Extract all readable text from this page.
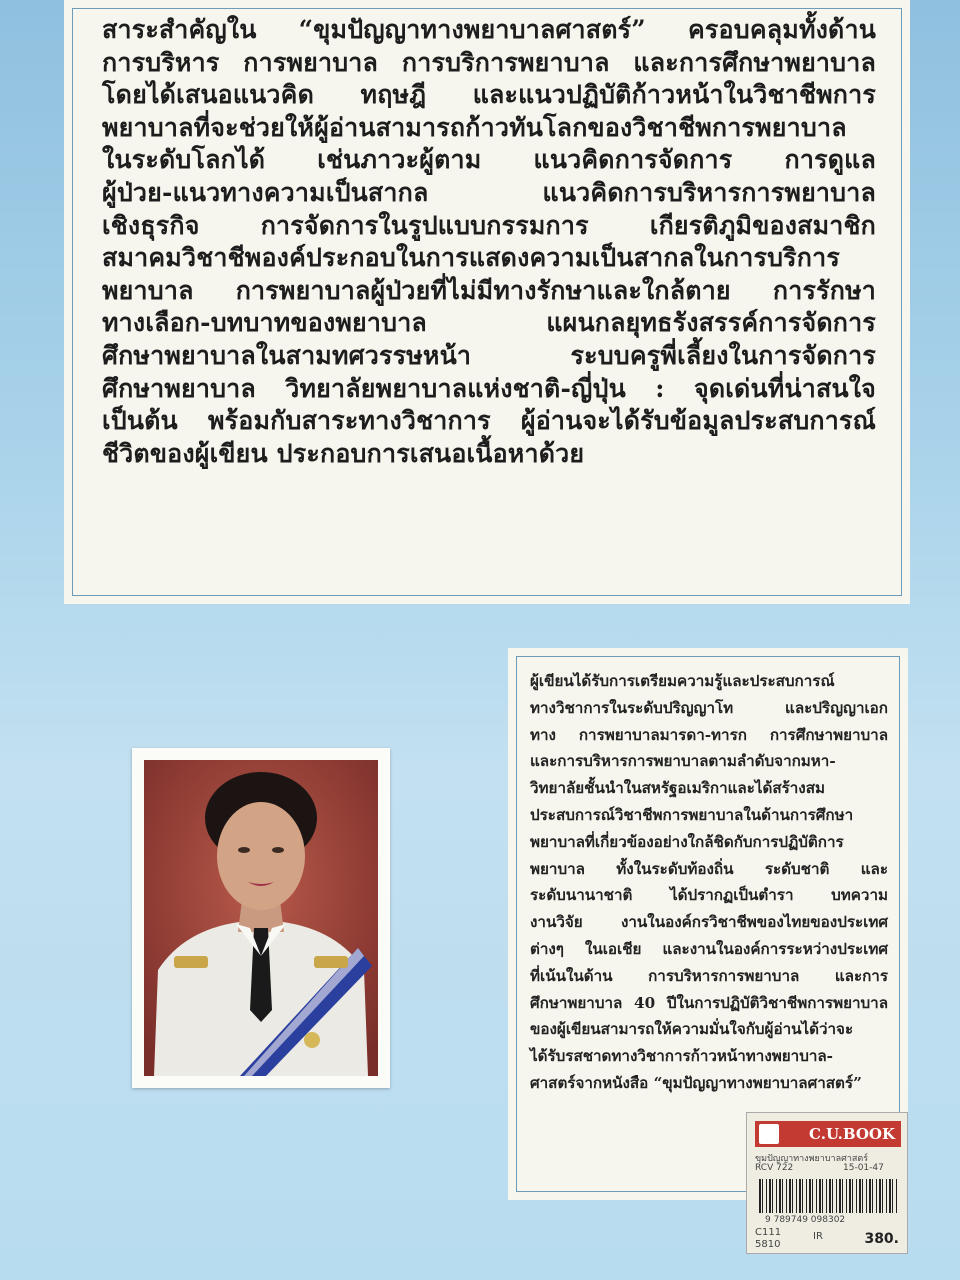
สาระสำคัญใน “ขุมปัญญาทางพยาบาลศาสตร์” ครอบคลุมทั้งด้าน

การบริหาร การพยาบาล การบริการพยาบาล และการศึกษาพยาบาล

โดยได้เสนอแนวคิด ทฤษฎี และแนวปฏิบัติก้าวหน้าในวิชาชีพการ

พยาบาลที่จะช่วยให้ผู้อ่านสามารถก้าวทันโลกของวิชาชีพการพยาบาล

ในระดับโลกได้ เช่นภาวะผู้ตาม แนวคิดการจัดการ การดูแล

ผู้ป่วย-แนวทางความเป็นสากล แนวคิดการบริหารการพยาบาล

เชิงธุรกิจ การจัดการในรูปแบบกรรมการ เกียรติภูมิของสมาชิก

สมาคมวิชาชีพองค์ประกอบในการแสดงความเป็นสากลในการบริการ

พยาบาล การพยาบาลผู้ป่วยที่ไม่มีทางรักษาและใกล้ตาย การรักษา

ทางเลือก-บทบาทของพยาบาล แผนกลยุทธรังสรรค์การจัดการ

ศึกษาพยาบาลในสามทศวรรษหน้า ระบบครูพี่เลี้ยงในการจัดการ

ศึกษาพยาบาล วิทยาลัยพยาบาลแห่งชาติ-ญี่ปุ่น : จุดเด่นที่น่าสนใจ

เป็นต้น พร้อมกับสาระทางวิชาการ ผู้อ่านจะได้รับข้อมูลประสบการณ์

ชีวิตของผู้เขียน ประกอบการเสนอเนื้อหาด้วย

ผู้เขียนได้รับการเตรียมความรู้และประสบการณ์

ทางวิชาการในระดับปริญญาโท และปริญญาเอก

ทาง การพยาบาลมารดา-ทารก การศึกษาพยาบาล

และการบริหารการพยาบาลตามลำดับจากมหา-

วิทยาลัยชั้นนำในสหรัฐอเมริกาและได้สร้างสม

ประสบการณ์วิชาชีพการพยาบาลในด้านการศึกษา

พยาบาลที่เกี่ยวข้องอย่างใกล้ชิดกับการปฏิบัติการ

พยาบาล ทั้งในระดับท้องถิ่น ระดับชาติ และ

ระดับนานาชาติ ได้ปรากฏเป็นตำรา บทความ

งานวิจัย งานในองค์กรวิชาชีพของไทยของประเทศ

ต่างๆ ในเอเชีย และงานในองค์การระหว่างประเทศ

ที่เน้นในด้าน การบริหารการพยาบาล และการ

ศึกษาพยาบาล 40 ปีในการปฏิบัติวิชาชีพการพยาบาล

ของผู้เขียนสามารถให้ความมั่นใจกับผู้อ่านได้ว่าจะ

ได้รับรสชาดทางวิชาการก้าวหน้าทางพยาบาล-

ศาสตร์จากหนังสือ “ขุมปัญญาทางพยาบาลศาสตร์”

C.U.BOOK
ขุมปัญญาทางพยาบาลศาสตร์
RCV 722	15-01-47
9 789749 098302
C111
5810
IR	380.
